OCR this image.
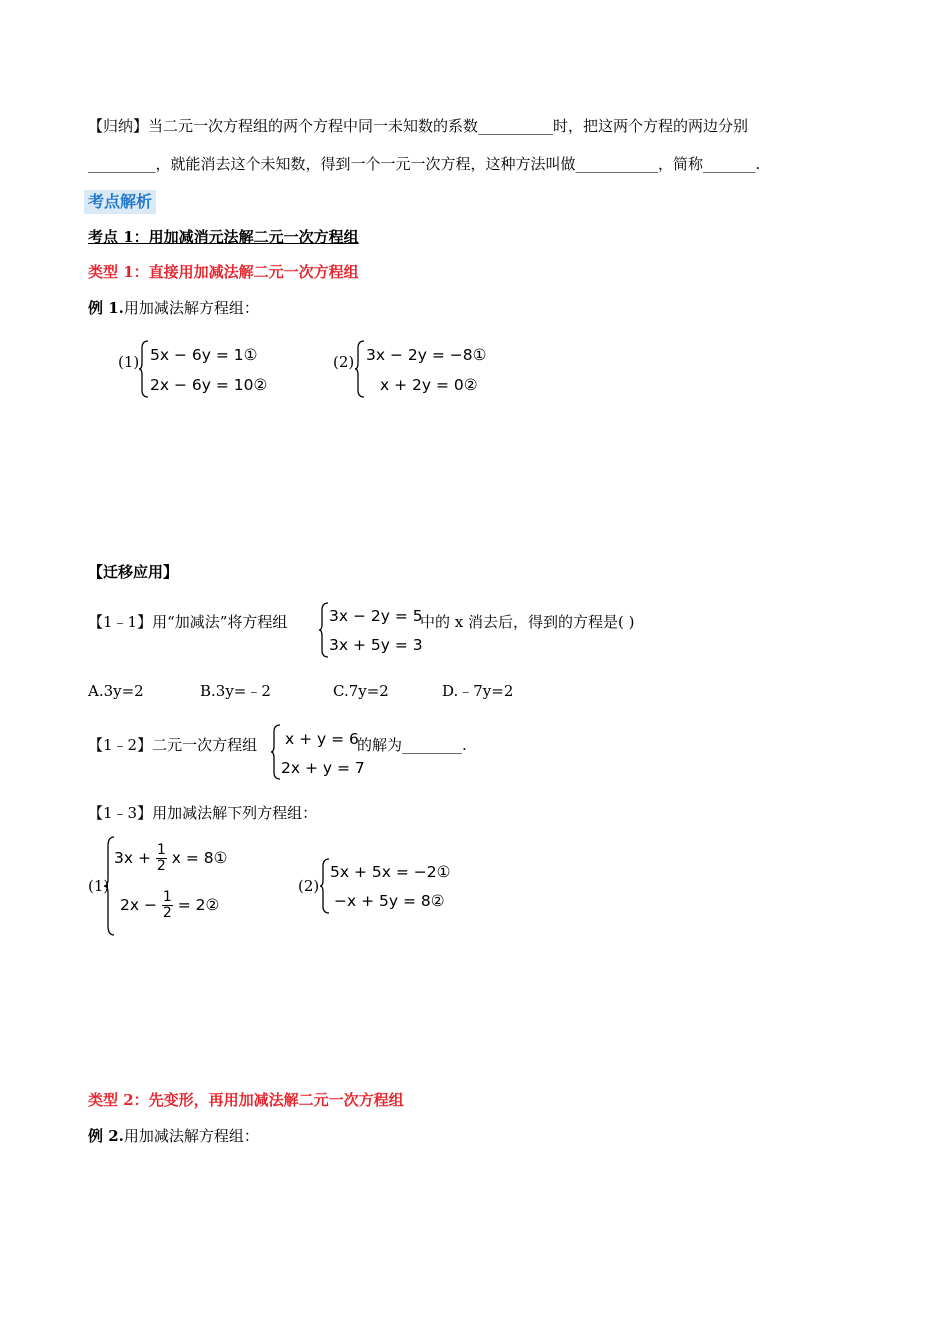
【归纳】当二元一次方程组的两个方程中同一未知数的系数__________时，把这两个方程的两边分别
_________，就能消去这个未知数，得到一个一元一次方程，这种方法叫做___________，简称_______.
考点解析
考点 1：用加减消元法解二元一次方程组
类型 1：直接用加减法解二元一次方程组
例 1.用加减法解方程组：
(1) 5x − 6y = 1①
2x − 6y = 10②
(2) 3x − 2y = −8①
x + 2y = 0②
【迁移应用】
【1﹣1】用“加减法”将方程组	3x − 2y = 5
3x + 5y = 3
中的 x 消去后，得到的方程是( )
A.3y=2	B.3y=﹣2	C.7y=2	D.﹣7y=2
【1﹣2】二元一次方程组 x + y = 6
2x + y = 7
的解为________.
【1﹣3】用加减法解下列方程组：
(1)
$3x + \frac{1}{2}$ x = 8①
$2x - \frac{1}{2}$ = 2②
(2)
5x + 5x = −2①
−x + 5y = 8②
类型 2：先变形，再用加减法解二元一次方程组
例 2.用加减法解方程组：
